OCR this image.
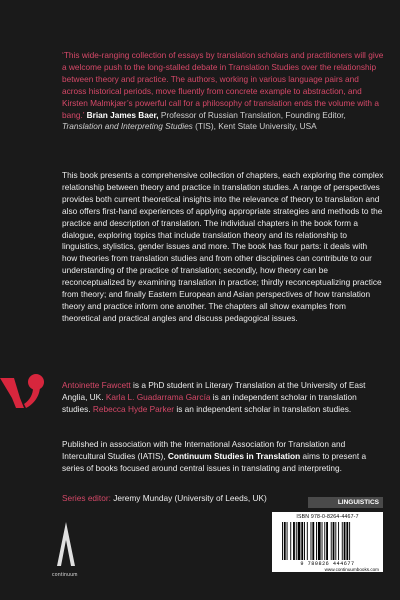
‘This wide-ranging collection of essays by translation scholars and practitioners will give a welcome push to the long-stalled debate in Translation Studies over the relationship between theory and practice. The authors, working in various language pairs and across historical periods, move fluently from concrete example to abstraction, and Kirsten Malmkjær’s powerful call for a philosophy of translation ends the volume with a bang.’ Brian James Baer, Professor of Russian Translation, Founding Editor, Translation and Interpreting Studies (TIS), Kent State University, USA

This book presents a comprehensive collection of chapters, each exploring the complex relationship between theory and practice in translation studies. A range of perspectives provides both current theoretical insights into the relevance of theory to translation and also offers first-hand experiences of applying appropriate strategies and methods to the practice and description of translation. The individual chapters in the book form a dialogue, exploring topics that include translation theory and its relationship to linguistics, stylistics, gender issues and more. The book has four parts: it deals with how theories from translation studies and from other disciplines can contribute to our understanding of the practice of translation; secondly, how theory can be reconceptualized by examining translation in practice; thirdly reconceptualizing practice from theory; and finally Eastern European and Asian perspectives of how translation theory and practice inform one another. The chapters all show examples from theoretical and practical angles and discuss pedagogical issues.

Antoinette Fawcett is a PhD student in Literary Translation at the University of East Anglia, UK. Karla L. Guadarrama García is an independent scholar in translation studies. Rebecca Hyde Parker is an independent scholar in translation studies.

Published in association with the International Association for Translation and Intercultural Studies (IATIS), Continuum Studies in Translation aims to present a series of books focused around central issues in translating and interpreting.

Series editor: Jeremy Munday (University of Leeds, UK)

continuum
LINGUISTICS
ISBN 978-0-8264-4467-7
9 780826 444677
www.continuumbooks.com
